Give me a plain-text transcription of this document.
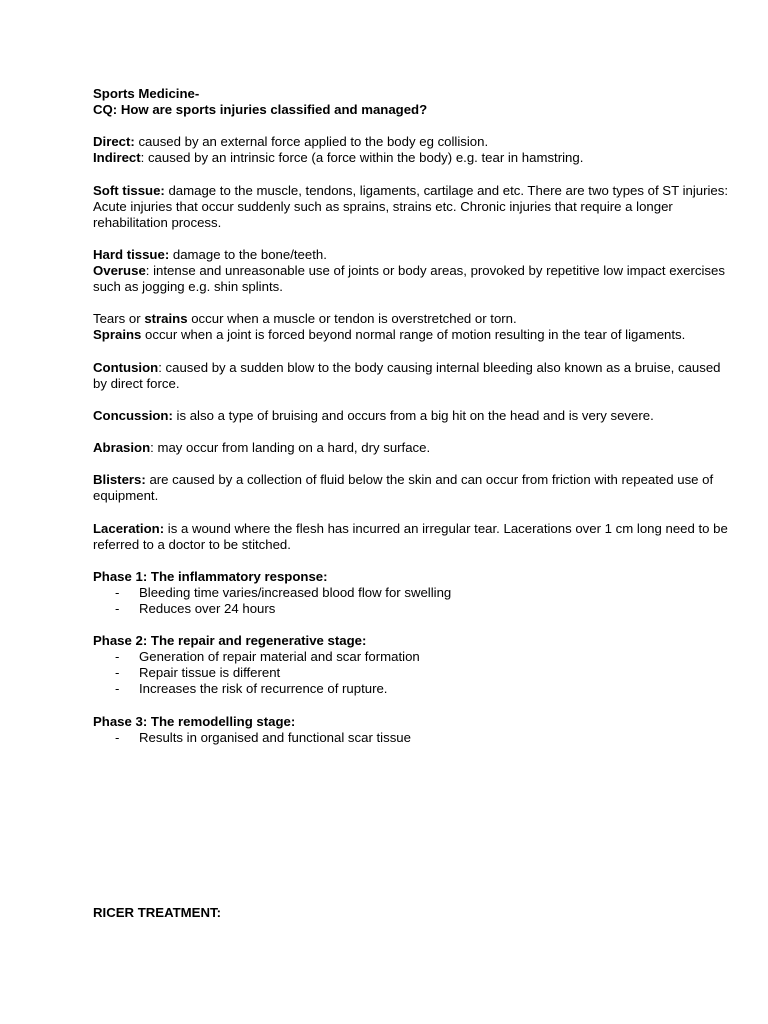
Sports Medicine-

CQ: How are sports injuries classified and managed?

Direct: caused by an external force applied to the body eg collision.

Indirect: caused by an intrinsic force (a force within the body) e.g. tear in hamstring.

Soft tissue: damage to the muscle, tendons, ligaments, cartilage and etc. There are two types of ST injuries: Acute injuries that occur suddenly such as sprains, strains etc. Chronic injuries that require a longer rehabilitation process.

Hard tissue: damage to the bone/teeth.

Overuse: intense and unreasonable use of joints or body areas, provoked by repetitive low impact exercises such as jogging e.g. shin splints.

Tears or strains occur when a muscle or tendon is overstretched or torn.

Sprains occur when a joint is forced beyond normal range of motion resulting in the tear of ligaments.

Contusion: caused by a sudden blow to the body causing internal bleeding also known as a bruise, caused by direct force.

Concussion: is also a type of bruising and occurs from a big hit on the head and is very severe.

Abrasion: may occur from landing on a hard, dry surface.

Blisters: are caused by a collection of fluid below the skin and can occur from friction with repeated use of equipment.

Laceration: is a wound where the flesh has incurred an irregular tear. Lacerations over 1 cm long need to be referred to a doctor to be stitched.

Phase 1: The inflammatory response:

- Bleeding time varies/increased blood flow for swelling
- Reduces over 24 hours

Phase 2: The repair and regenerative stage:

- Generation of repair material and scar formation
- Repair tissue is different
- Increases the risk of recurrence of rupture.

Phase 3: The remodelling stage:

- Results in organised and functional scar tissue

RICER TREATMENT:
